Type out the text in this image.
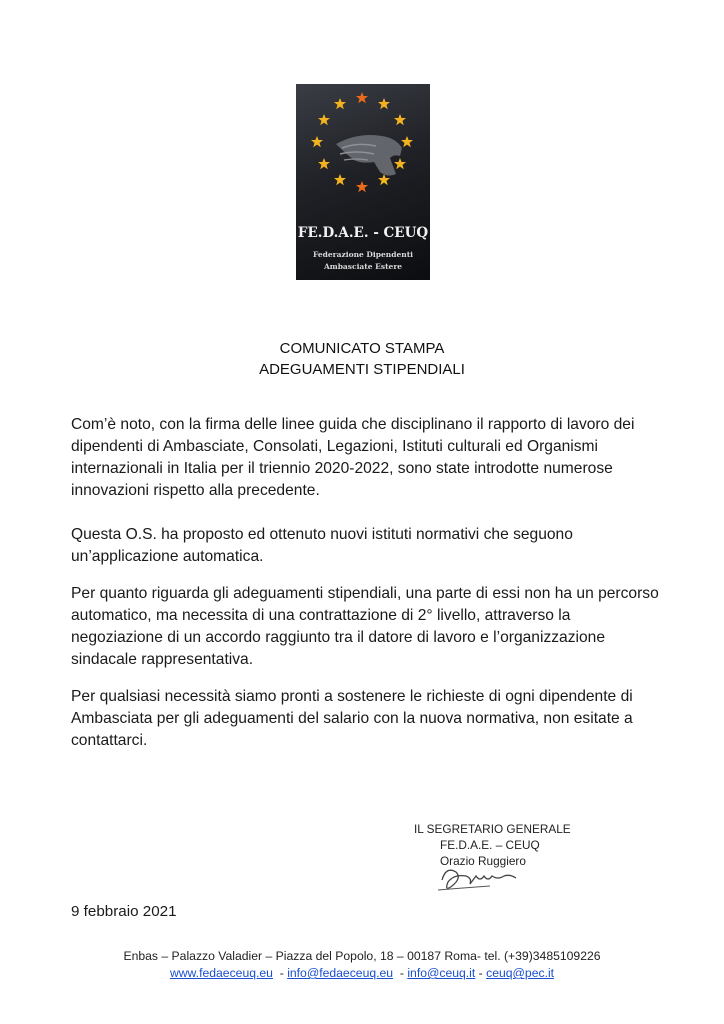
FE.D.A.E. - CEUQ
Federazione Dipendenti
Ambasciate Estere
COMUNICATO STAMPA
ADEGUAMENTI STIPENDIALI
Com’è noto, con la firma delle linee guida che disciplinano il rapporto di lavoro dei dipendenti di Ambasciate, Consolati, Legazioni, Istituti culturali ed Organismi internazionali in Italia per il triennio 2020-2022, sono state introdotte numerose innovazioni rispetto alla precedente.
Questa O.S. ha proposto ed ottenuto nuovi istituti normativi che seguono un’applicazione automatica.
Per quanto riguarda gli adeguamenti stipendiali, una parte di essi non ha un percorso automatico, ma necessita di una contrattazione di 2° livello, attraverso la negoziazione di un accordo raggiunto tra il datore di lavoro e l’organizzazione sindacale rappresentativa.
Per qualsiasi necessità siamo pronti a sostenere le richieste di ogni dipendente di Ambasciata per gli adeguamenti del salario con la nuova normativa, non esitate a contattarci.
IL SEGRETARIO GENERALE
FE.D.A.E. – CEUQ
Orazio Ruggiero
9 febbraio 2021
Enbas – Palazzo Valadier – Piazza del Popolo, 18 – 00187 Roma- tel. (+39)3485109226
www.fedaeceuq.eu - info@fedaeceuq.eu - info@ceuq.it - ceuq@pec.it
